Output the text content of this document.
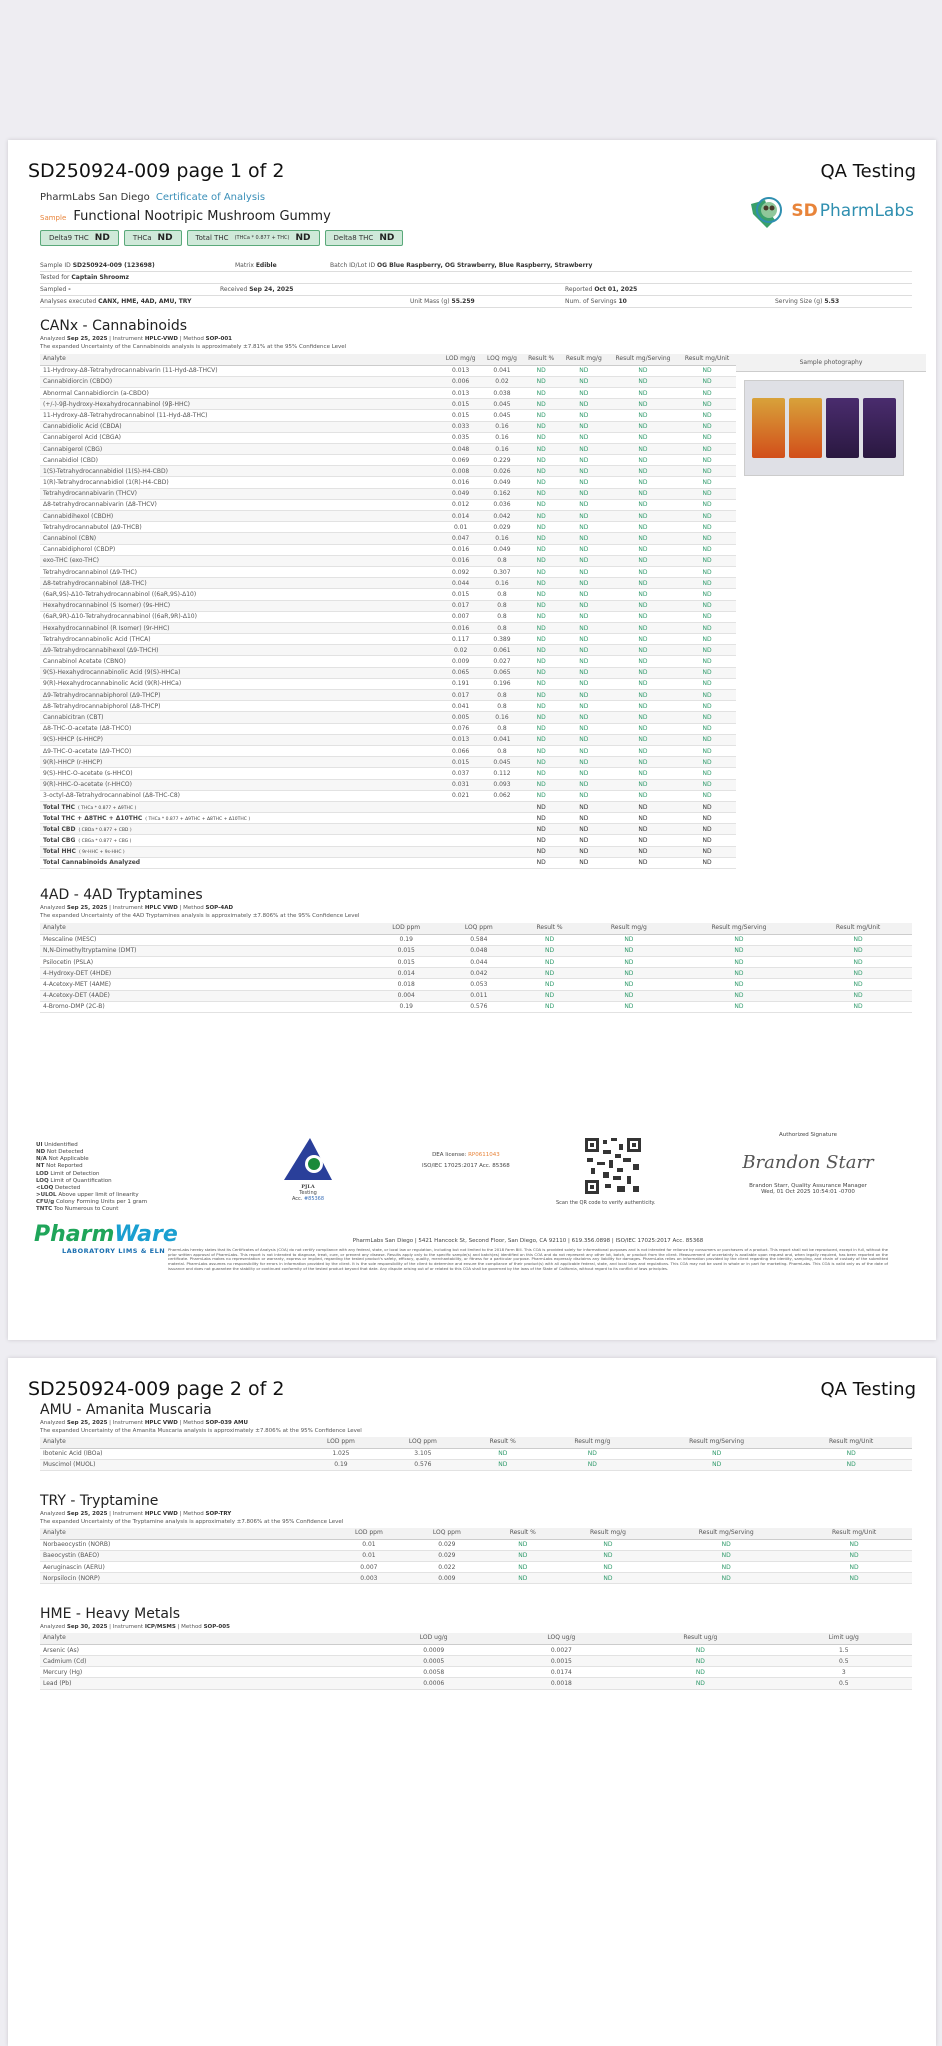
SD250924-009 page 1 of 2	QA Testing
SD PharmLabs
PharmLabs San Diego Certificate of Analysis
Sample Functional Nootripic Mushroom Gummy
Delta9 THC ND	THCa ND	Total THC (THCa * 0.877 + THC) ND	Delta8 THC ND
Sample ID SD250924-009 (123698)	Matrix Edible	Batch ID/Lot ID OG Blue Raspberry, OG Strawberry, Blue Raspberry, Strawberry
Tested for Captain Shroomz
Sampled -	Received Sep 24, 2025	Reported Oct 01, 2025
Analyses executed CANX, HME, 4AD, AMU, TRY	Unit Mass (g) 55.259	Num. of Servings 10	Serving Size (g) 5.53
CANx - Cannabinoids
Analyzed Sep 25, 2025 | Instrument HPLC-VWD | Method SOP-001
The expanded Uncertainty of the Cannabinoids analysis is approximately ±7.81% at the 95% Confidence Level
Analyte	LOD mg/g	LOQ mg/g	Result %	Result mg/g	Result mg/Serving	Result mg/Unit
11-Hydroxy-Δ8-Tetrahydrocannabivarin (11-Hyd-Δ8-THCV)	0.013	0.041	ND	ND	ND	ND
Cannabidiorcin (CBDO)	0.006	0.02	ND	ND	ND	ND
Abnormal Cannabidiorcin (a-CBDO)	0.013	0.038	ND	ND	ND	ND
(+/-)-9β-hydroxy-Hexahydrocannabinol (9β-HHC)	0.015	0.045	ND	ND	ND	ND
11-Hydroxy-Δ8-Tetrahydrocannabinol (11-Hyd-Δ8-THC)	0.015	0.045	ND	ND	ND	ND
Cannabidiolic Acid (CBDA)	0.033	0.16	ND	ND	ND	ND
Cannabigerol Acid (CBGA)	0.035	0.16	ND	ND	ND	ND
Cannabigerol (CBG)	0.048	0.16	ND	ND	ND	ND
Cannabidiol (CBD)	0.069	0.229	ND	ND	ND	ND
1(S)-Tetrahydrocannabidiol (1(S)-H4-CBD)	0.008	0.026	ND	ND	ND	ND
1(R)-Tetrahydrocannabidiol (1(R)-H4-CBD)	0.016	0.049	ND	ND	ND	ND
Tetrahydrocannabivarin (THCV)	0.049	0.162	ND	ND	ND	ND
Δ8-tetrahydrocannabivarin (Δ8-THCV)	0.012	0.036	ND	ND	ND	ND
Cannabidihexol (CBDH)	0.014	0.042	ND	ND	ND	ND
Tetrahydrocannabutol (Δ9-THCB)	0.01	0.029	ND	ND	ND	ND
Cannabinol (CBN)	0.047	0.16	ND	ND	ND	ND
Cannabidiphorol (CBDP)	0.016	0.049	ND	ND	ND	ND
exo-THC (exo-THC)	0.016	0.8	ND	ND	ND	ND
Tetrahydrocannabinol (Δ9-THC)	0.092	0.307	ND	ND	ND	ND
Δ8-tetrahydrocannabinol (Δ8-THC)	0.044	0.16	ND	ND	ND	ND
(6aR,9S)-Δ10-Tetrahydrocannabinol ((6aR,9S)-Δ10)	0.015	0.8	ND	ND	ND	ND
Hexahydrocannabinol (S Isomer) (9s-HHC)	0.017	0.8	ND	ND	ND	ND
(6aR,9R)-Δ10-Tetrahydrocannabinol ((6aR,9R)-Δ10)	0.007	0.8	ND	ND	ND	ND
Hexahydrocannabinol (R Isomer) (9r-HHC)	0.016	0.8	ND	ND	ND	ND
Tetrahydrocannabinolic Acid (THCA)	0.117	0.389	ND	ND	ND	ND
Δ9-Tetrahydrocannabihexol (Δ9-THCH)	0.02	0.061	ND	ND	ND	ND
Cannabinol Acetate (CBNO)	0.009	0.027	ND	ND	ND	ND
9(S)-Hexahydrocannabinolic Acid (9(S)-HHCa)	0.065	0.065	ND	ND	ND	ND
9(R)-Hexahydrocannabinolic Acid (9(R)-HHCa)	0.191	0.196	ND	ND	ND	ND
Δ9-Tetrahydrocannabiphorol (Δ9-THCP)	0.017	0.8	ND	ND	ND	ND
Δ8-Tetrahydrocannabiphorol (Δ8-THCP)	0.041	0.8	ND	ND	ND	ND
Cannabicitran (CBT)	0.005	0.16	ND	ND	ND	ND
Δ8-THC-O-acetate (Δ8-THCO)	0.076	0.8	ND	ND	ND	ND
9(S)-HHCP (s-HHCP)	0.013	0.041	ND	ND	ND	ND
Δ9-THC-O-acetate (Δ9-THCO)	0.066	0.8	ND	ND	ND	ND
9(R)-HHCP (r-HHCP)	0.015	0.045	ND	ND	ND	ND
9(S)-HHC-O-acetate (s-HHCO)	0.037	0.112	ND	ND	ND	ND
9(R)-HHC-O-acetate (r-HHCO)	0.031	0.093	ND	ND	ND	ND
3-octyl-Δ8-Tetrahydrocannabinol (Δ8-THC-C8)	0.021	0.062	ND	ND	ND	ND
Total THC ( THCa * 0.877 + Δ9THC )			ND	ND	ND	ND
Total THC + Δ8THC + Δ10THC ( THCa * 0.877 + Δ9THC + Δ8THC + Δ10THC )			ND	ND	ND	ND
Total CBD ( CBDa * 0.877 + CBD )			ND	ND	ND	ND
Total CBG ( CBGa * 0.877 + CBG )			ND	ND	ND	ND
Total HHC ( 9r-HHC + 9s-HHC )			ND	ND	ND	ND
Total Cannabinoids Analyzed			ND	ND	ND	ND
Sample photography
4AD - 4AD Tryptamines
Analyzed Sep 25, 2025 | Instrument HPLC VWD | Method SOP-4AD
The expanded Uncertainty of the 4AD Tryptamines analysis is approximately ±7.806% at the 95% Confidence Level
Analyte	LOD ppm	LOQ ppm	Result %	Result mg/g	Result mg/Serving	Result mg/Unit
Mescaline (MESC)	0.19	0.584	ND	ND	ND	ND
N,N-Dimethyltryptamine (DMT)	0.015	0.048	ND	ND	ND	ND
Psilocetin (PSLA)	0.015	0.044	ND	ND	ND	ND
4-Hydroxy-DET (4HDE)	0.014	0.042	ND	ND	ND	ND
4-Acetoxy-MET (4AME)	0.018	0.053	ND	ND	ND	ND
4-Acetoxy-DET (4ADE)	0.004	0.011	ND	ND	ND	ND
4-Bromo-DMP (2C-B)	0.19	0.576	ND	ND	ND	ND
UI Unidentified
ND Not Detected
N/A Not Applicable
NT Not Reported
LOD Limit of Detection
LOQ Limit of Quantification
<LOQ Detected
>ULOL Above upper limit of linearity
CFU/g Colony Forming Units per 1 gram
TNTC Too Numerous to Count
PharmWare
LABORATORY LIMS & ELN
PJLA
Testing
Acc. #85368
DEA license: RP0611043
ISO/IEC 17025:2017 Acc. 85368
Scan the QR code to verify authenticity.
Authorized Signature
Brandon Starr
Brandon Starr, Quality Assurance Manager
Wed, 01 Oct 2025 10:54:01 -0700
PharmLabs San Diego | 5421 Hancock St, Second Floor, San Diego, CA 92110 | 619.356.0898 | ISO/IEC 17025:2017 Acc. 85368
PharmLabs hereby states that its Certificates of Analysis (COA) do not certify compliance with any federal, state, or local law or regulation, including but not limited to the 2018 Farm Bill. This COA is provided solely for informational purposes and is not intended for reliance by consumers or purchasers of a product. This report shall not be reproduced, except in full, without the prior written approval of PharmLabs. This report is not intended to diagnose, treat, cure, or prevent any disease. Results apply only to the specific sample(s) and batch(es) identified on this COA and do not represent any other lot, batch, or product from the client. Measurement of uncertainty is available upon request and, when legally required, has been reported on the certificate. PharmLabs makes no representation or warranty, express or implied, regarding the tested product's safety, efficacy, quality, merchantability, or fitness for a particular purpose. PharmLabs expressly disclaims any liability for damages. PharmLabs relies on information provided by the client regarding the identity, sampling, and chain of custody of the submitted material. PharmLabs assumes no responsibility for errors in information provided by the client. It is the sole responsibility of the client to determine and ensure the compliance of their product(s) with all applicable federal, state, and local laws and regulations. This COA may not be used in whole or in part for marketing. PharmLabs. This COA is valid only as of the date of issuance and does not guarantee the stability or continued conformity of the tested product beyond that date. Any dispute arising out of or related to this COA shall be governed by the laws of the State of California, without regard to its conflict of laws principles.
SD250924-009 page 2 of 2	QA Testing
AMU - Amanita Muscaria
Analyzed Sep 25, 2025 | Instrument HPLC VWD | Method SOP-039 AMU
The expanded Uncertainty of the Amanita Muscaria analysis is approximately ±7.806% at the 95% Confidence Level
Analyte	LOD ppm	LOQ ppm	Result %	Result mg/g	Result mg/Serving	Result mg/Unit
Ibotenic Acid (IBOa)	1.025	3.105	ND	ND	ND	ND
Muscimol (MUOL)	0.19	0.576	ND	ND	ND	ND
TRY - Tryptamine
Analyzed Sep 25, 2025 | Instrument HPLC VWD | Method SOP-TRY
The expanded Uncertainty of the Tryptamine analysis is approximately ±7.806% at the 95% Confidence Level
Analyte	LOD ppm	LOQ ppm	Result %	Result mg/g	Result mg/Serving	Result mg/Unit
Norbaeocystin (NORB)	0.01	0.029	ND	ND	ND	ND
Baeocystin (BAEO)	0.01	0.029	ND	ND	ND	ND
Aeruginascin (AERU)	0.007	0.022	ND	ND	ND	ND
Norpsilocin (NORP)	0.003	0.009	ND	ND	ND	ND
HME - Heavy Metals
Analyzed Sep 30, 2025 | Instrument ICP/MSMS | Method SOP-005
Analyte	LOD ug/g	LOQ ug/g	Result ug/g	Limit ug/g
Arsenic (As)	0.0009	0.0027	ND	1.5
Cadmium (Cd)	0.0005	0.0015	ND	0.5
Mercury (Hg)	0.0058	0.0174	ND	3
Lead (Pb)	0.0006	0.0018	ND	0.5
